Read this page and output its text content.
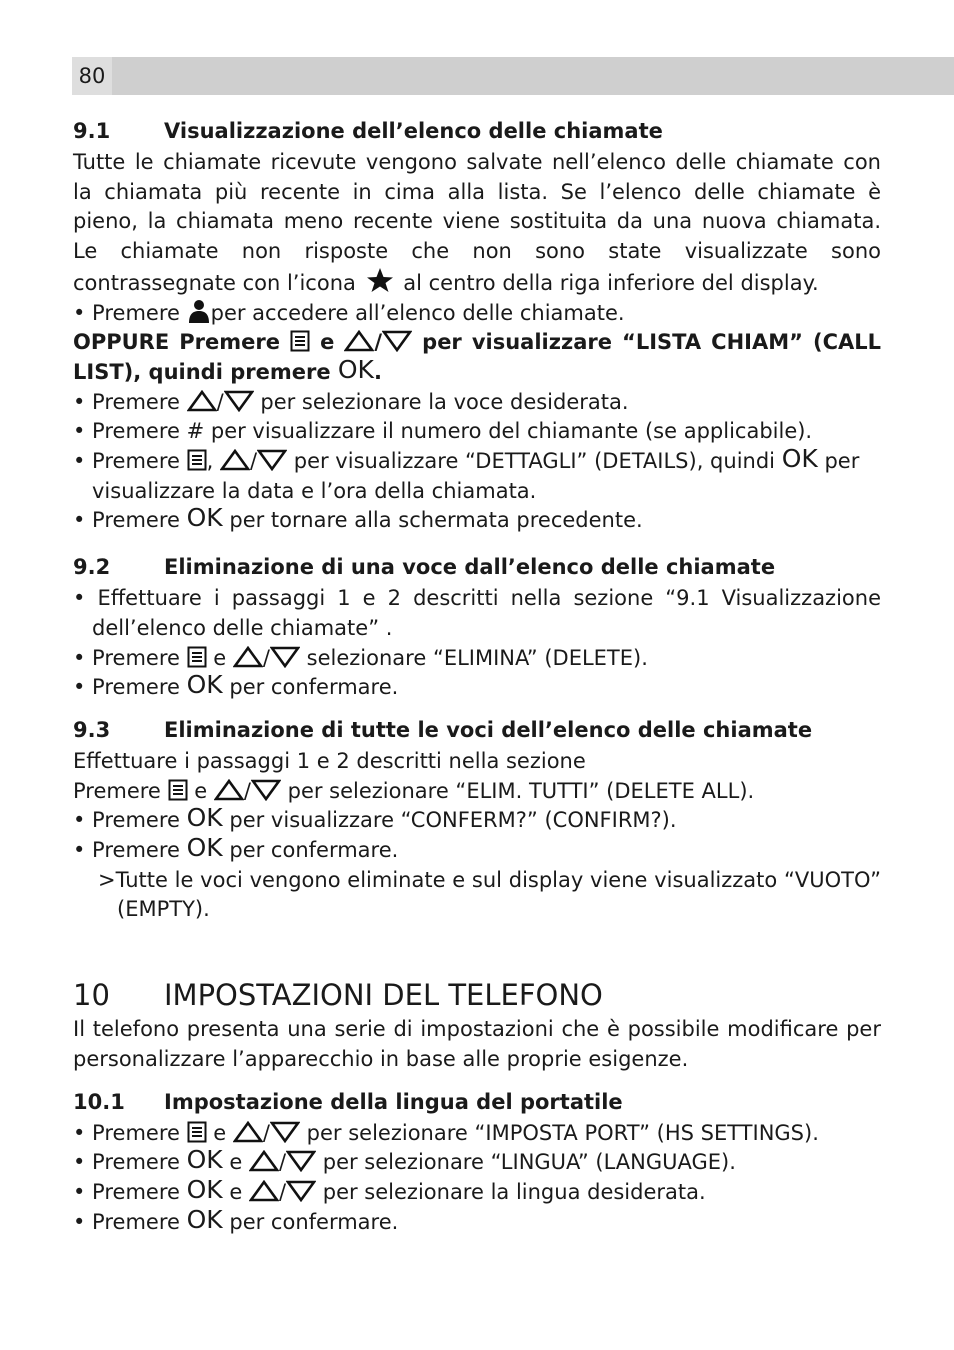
80
9.1	Visualizzazione dell’elenco delle chiamate

Tutte le chiamate ricevute vengono salvate nell’elenco delle chiamate con la chiamata più recente in cima alla lista. Se l’elenco delle chiamate è pieno, la chiamata meno recente viene sostituita da una nuova chiamata. Le chiamate non risposte che non sono state visualizzate sono contrassegnate con l’icona al centro della riga inferiore del display.

• Premere per accedere all’elenco delle chiamate.

OPPURE Premere e / per visualizzare “LISTA CHIAM” (CALL LIST), quindi premere OK.

• Premere / per selezionare la voce desiderata.

• Premere # per visualizzare il numero del chiamante (se applicabile).

• Premere , / per visualizzare “DETTAGLI” (DETAILS), quindi OK per visualizzare la data e l’ora della chiamata.

• Premere OK per tornare alla schermata precedente.

9.2	Eliminazione di una voce dall’elenco delle chiamate

• Effettuare i passaggi 1 e 2 descritti nella sezione “9.1 Visualizzazione dell’elenco delle chiamate” .

• Premere e / selezionare “ELIMINA” (DELETE).

• Premere OK per confermare.

9.3	Eliminazione di tutte le voci dell’elenco delle chiamate

Effettuare i passaggi 1 e 2 descritti nella sezione

Premere e / per selezionare “ELIM. TUTTI” (DELETE ALL).

• Premere OK per visualizzare “CONFERM?” (CONFIRM?).

• Premere OK per confermare.

>Tutte le voci vengono eliminate e sul display viene visualizzato “VUOTO” (EMPTY).

10	IMPOSTAZIONI DEL TELEFONO

Il telefono presenta una serie di impostazioni che è possibile modificare per personalizzare l’apparecchio in base alle proprie esigenze.

10.1	Impostazione della lingua del portatile

• Premere e / per selezionare “IMPOSTA PORT” (HS SETTINGS).

• Premere OK e / per selezionare “LINGUA” (LANGUAGE).

• Premere OK e / per selezionare la lingua desiderata.

• Premere OK per confermare.
